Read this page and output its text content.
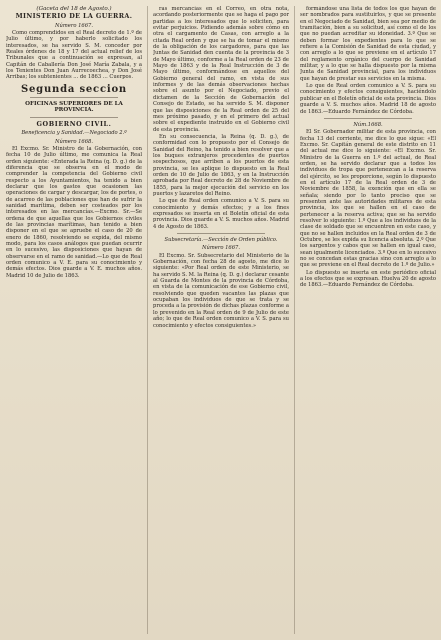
(Gaceta del 18 de Agosto.)
MINISTERIO DE LA GUERRA.
Número 1667.

Como comprendidos en el Real decreto de 1.º de Julio último, y por haberlo solicitado los interesados, se ha servido S. M. conceder por Reales órdenes de 18 y 17 del actual relief de los Tribunales que a continuación se expresan, al Capitán de Caballería Don José María Zabala, y a los Tenientes Don Juan Aurrecoechea, y Don José Arribas; los subtenientes ... de 1863 ... Cuerpos.

Segunda seccion
OFICINAS SUPERIORES DE LA PROVINCIA.
GOBIERNO CIVIL.
Beneficencia y Sanidad.—Negociado 2.º
Número 1668.

El Excmo. Sr. Ministro de la Gobernación, con fecha 10 de Julio último, me comunica la Real orden siguiente: «Enterada la Reina (q. D. g.) de la diferencia que se observa en el modo de comprender la competencia del Gobierno civil respecto a los Ayuntamientos, ha tenido a bien declarar que los gastos que ocasionen las operaciones de cargar y descargar, los de portes, o de acarreo de las poblaciones que han de sufrir la sanidad marítima, deben ser costeados por los interesados en las mercancías.—Excmo. Sr.—Se ordena de que aquellas que los Gobiernos civiles de las provincias marítimas, han tenido a bien disponer en el que se apruebe el caso de 20 de enero de 1860, resolviendo se expida, del mismo modo, para los casos análogos que puedan ocurrir en lo sucesivo, las disposiciones que hayan de observarse en el ramo de sanidad.—Lo que de Real orden comunico a V. E. para su conocimiento y demás efectos. Dios guarde a V. E. muchos años. Madrid 10 de Julio de 1863.

ras mercancías en el Correo, en otra nota, acordando posteriormente que se haga el pago por partidas a los interesados que lo soliciten, para evitar perjuicios. Pidiendo además sobre cómo en otra el cargamento de Casas, con arreglo a la citada Real orden y que se ha de tomar el mismo de la obligación de los cargadores, para que las Juntas de Sanidad den cuenta de la provincia de 3 de Mayo último, conforme a la Real orden de 23 de Mayo de 1863 y de la Real Instrucción de 3 de Mayo último, conformándose en aquellos del Gobierno general del ramo, en vista de sus informes y de las demás observaciones hechas sobre el asunto por el Negociado, previo el dictamen de la Sección de Gobernación del Consejo de Estado, se ha servido S. M. disponer que las disposiciones de la Real orden de 25 del mes próximo pasado, y en el primero del actual sobre el expediente instruido en el Gobierno civil de esta provincia.

En su consecuencia, la Reina (q. D. g.), de conformidad con lo propuesto por el Consejo de Sanidad del Reino, ha tenido a bien resolver que a los buques extranjeros procedentes de puertos sospechosos, que arriben a los puertos de esta provincia, se les aplique lo dispuesto en la Real orden de 10 de Julio de 1863, y en la Instrucción aprobada por Real decreto de 28 de Noviembre de 1855, para la mejor ejecución del servicio en los puertos y lazaretos del Reino.

Lo que de Real orden comunico a V. S. para su conocimiento y demás efectos; y a los fines expresados se inserta en el Boletín oficial de esta provincia. Dios guarde a V. S. muchos años. Madrid 4 de Agosto de 1863.

Subsecretaría.—Sección de Orden público.
Número 1667.

El Excmo. Sr. Subsecretario del Ministerio de la Gobernación, con fecha 28 de agosto, me dice lo siguiente: «Por Real orden de este Ministerio, se ha servido S. M. la Reina (q. D. g.) declarar cesante al Guarda de Montes de la provincia de Córdoba, en vista de la comunicación de ese Gobierno civil, resolviendo que queden vacantes las plazas que ocupaban los individuos de que se trata y se proceda a la provisión de dichas plazas conforme a lo prevenido en la Real orden de 9 de Julio de este año; lo que de Real orden comunico a V. S. para su conocimiento y efectos consiguientes.»

formándose una lista de todos los que hayan de ser nombrados para sustituirlos, y que se presente en el Negociado de Sanidad, bien sea por medio de tramitación, bien a su solicitud, así como el de los que no puedan acreditar su idoneidad. 3.º Que se deben formar los expedientes para lo que se refiere a la Comisión de Sanidad de esta ciudad, y con arreglo a lo que se previene en el artículo 17 del reglamento orgánico del cuerpo de Sanidad militar, y a lo que se halla dispuesto por la misma Junta de Sanidad provincial, para los individuos que hayan de prestar sus servicios en la misma.

Lo que de Real orden comunico a V. S. para su conocimiento y efectos consiguientes, haciéndolo publicar en el Boletín oficial de esta provincia. Dios guarde a V. S. muchos años. Madrid 18 de agosto de 1863.—Eduardo Fernández de Córdoba.

Núm.1668.

El Sr. Gobernador militar de esta provincia, con fecha 13 del corriente, me dice lo que sigue: «El Excmo. Sr. Capitán general de este distrito en 11 del actual me dice lo siguiente: «El Excmo. Sr. Ministro de la Guerra en 1.º del actual, de Real orden, se ha servido declarar que a todos los individuos de tropa que pertenezcan a la reserva del ejército, se les proporcione, según lo dispuesto en el artículo 17 de la Real orden de 3 de Noviembre de 1858, la exención que en ella se señala; siendo por lo tanto preciso que se presenten ante las autoridades militares de esta provincia, los que se hallen en el caso de pertenecer a la reserva activa; que se ha servido resolver lo siguiente: 1.º Que a los individuos de la clase de soldado que se encuentren en este caso, y que no se hallen incluidos en la Real orden de 3 de Octubre, se les expida su licencia absoluta. 2.º Que los sargentos y cabos que se hallen en igual caso, sean igualmente licenciados. 3.º Que en lo sucesivo no se concedan estas gracias sino con arreglo a lo que se previene en el Real decreto de 1.º de Julio.»

Lo dispuesto se inserta en este periódico oficial a los efectos que se expresan. Huelva 20 de agosto de 1863.—Eduardo Fernández de Córdoba.
